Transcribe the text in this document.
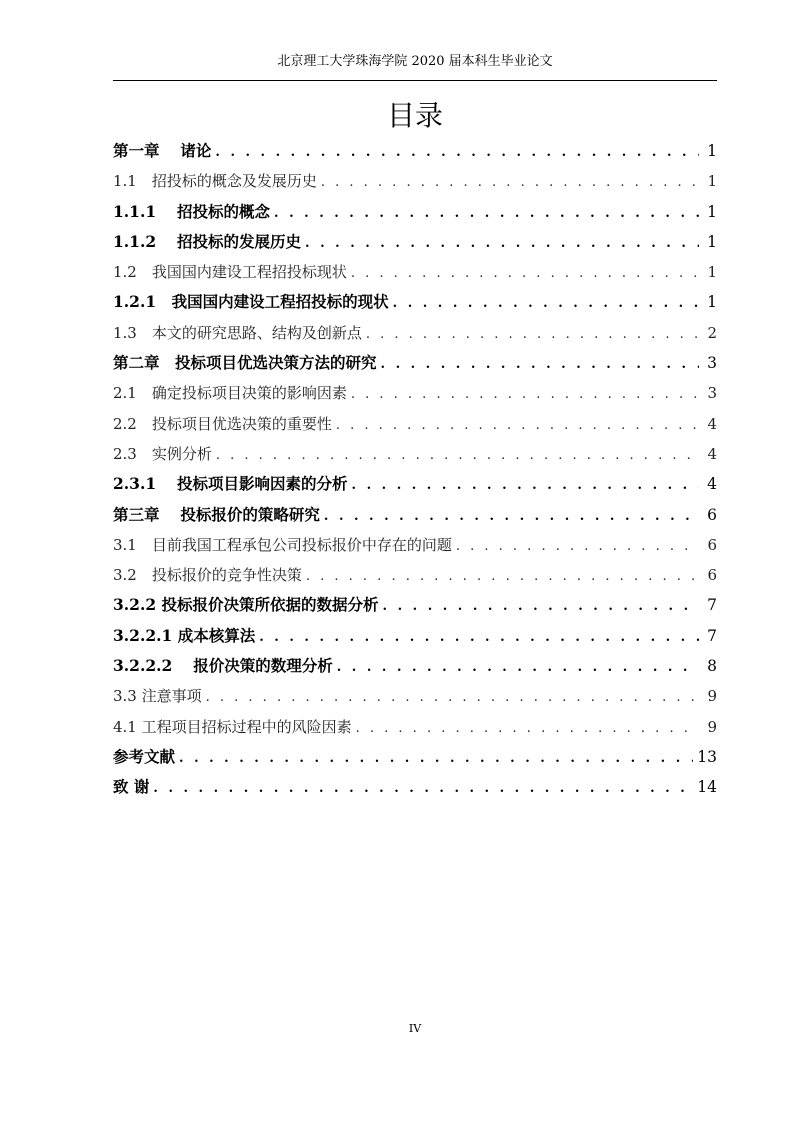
北京理工大学珠海学院 2020 届本科生毕业论文
目录
第一章　 诸论 . . .	1
1.1　招投标的概念及发展历史 . . .	1
1.1.1　 招投标的概念 . . .	1
1.1.2　 招投标的发展历史 . . .	1
1.2　我国国内建设工程招投标现状 . . .	1
1.2.1　我国国内建设工程招投标的现状 . . .	1
1.3　本文的研究思路、结构及创新点 . . .	2
第二章　投标项目优选决策方法的研究 . . .	3
2.1　确定投标项目决策的影响因素 . . .	3
2.2　投标项目优选决策的重要性 . . .	4
2.3　实例分析 . . .	4
2.3.1　 投标项目影响因素的分析 . . .	4
第三章　 投标报价的策略研究 . . .	6
3.1　目前我国工程承包公司投标报价中存在的问题 . . .	6
3.2　投标报价的竞争性决策 . . .	6
3.2.2 投标报价决策所依据的数据分析 . . .	7
3.2.2.1 成本核算法 . . .	7
3.2.2.2　 报价决策的数理分析 . . .	8
3.3 注意事项 . . .	9
4.1 工程项目招标过程中的风险因素 . . .	9
参考文献 . . .	13
致 谢 . . .	14
IV
